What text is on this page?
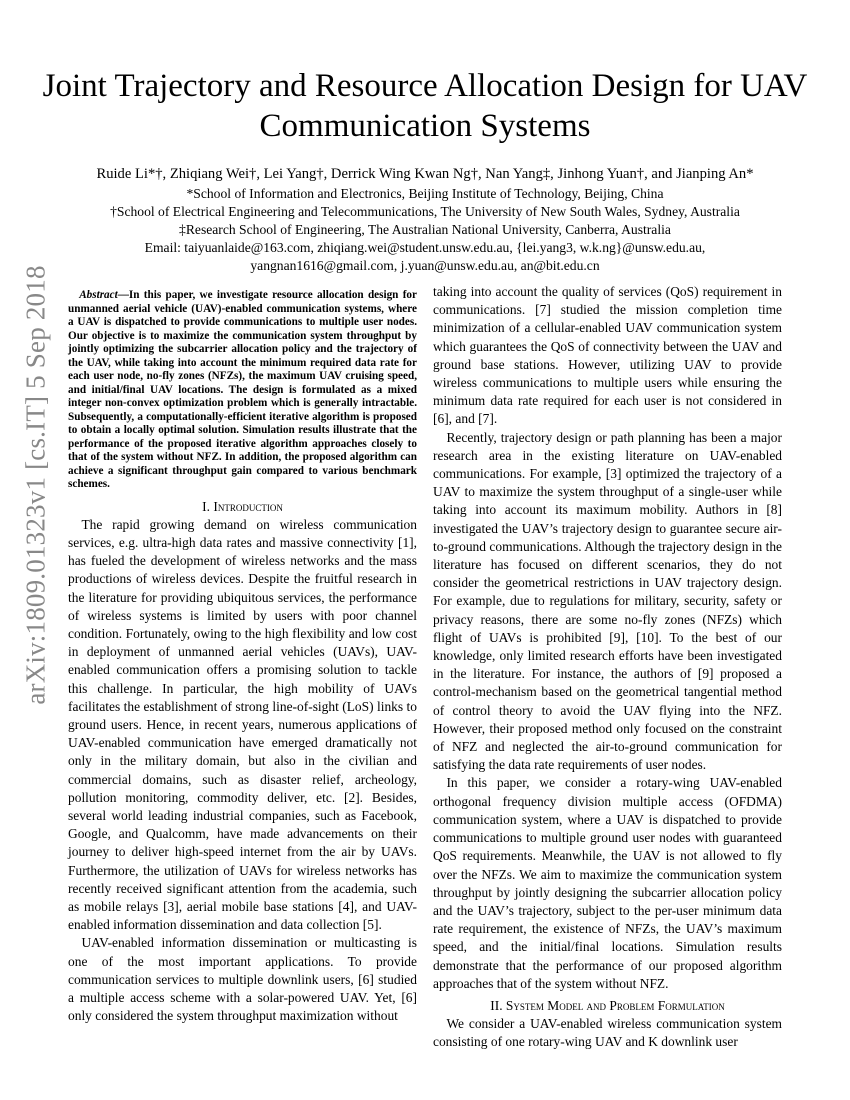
arXiv:1809.01323v1 [cs.IT] 5 Sep 2018
Joint Trajectory and Resource Allocation Design for UAV Communication Systems
Ruide Li*†, Zhiqiang Wei†, Lei Yang†, Derrick Wing Kwan Ng†, Nan Yang‡, Jinhong Yuan†, and Jianping An*
*School of Information and Electronics, Beijing Institute of Technology, Beijing, China
†School of Electrical Engineering and Telecommunications, The University of New South Wales, Sydney, Australia
‡Research School of Engineering, The Australian National University, Canberra, Australia
Email: taiyuanlaide@163.com, zhiqiang.wei@student.unsw.edu.au, {lei.yang3, w.k.ng}@unsw.edu.au,
yangnan1616@gmail.com, j.yuan@unsw.edu.au, an@bit.edu.cn
Abstract—In this paper, we investigate resource allocation design for unmanned aerial vehicle (UAV)-enabled communication systems, where a UAV is dispatched to provide communications to multiple user nodes. Our objective is to maximize the communication system throughput by jointly optimizing the subcarrier allocation policy and the trajectory of the UAV, while taking into account the minimum required data rate for each user node, no-fly zones (NFZs), the maximum UAV cruising speed, and initial/final UAV locations. The design is formulated as a mixed integer non-convex optimization problem which is generally intractable. Subsequently, a computationally-efficient iterative algorithm is proposed to obtain a locally optimal solution. Simulation results illustrate that the performance of the proposed iterative algorithm approaches closely to that of the system without NFZ. In addition, the proposed algorithm can achieve a significant throughput gain compared to various benchmark schemes.
I. Introduction

The rapid growing demand on wireless communication services, e.g. ultra-high data rates and massive connectivity [1], has fueled the development of wireless networks and the mass productions of wireless devices. Despite the fruitful research in the literature for providing ubiquitous services, the performance of wireless systems is limited by users with poor channel condition. Fortunately, owing to the high flexibility and low cost in deployment of unmanned aerial vehicles (UAVs), UAV-enabled communication offers a promising solution to tackle this challenge. In particular, the high mobility of UAVs facilitates the establishment of strong line-of-sight (LoS) links to ground users. Hence, in recent years, numerous applications of UAV-enabled communication have emerged dramatically not only in the military domain, but also in the civilian and commercial domains, such as disaster relief, archeology, pollution monitoring, commodity deliver, etc. [2]. Besides, several world leading industrial companies, such as Facebook, Google, and Qualcomm, have made advancements on their journey to deliver high-speed internet from the air by UAVs. Furthermore, the utilization of UAVs for wireless networks has recently received significant attention from the academia, such as mobile relays [3], aerial mobile base stations [4], and UAV-enabled information dissemination and data collection [5].

UAV-enabled information dissemination or multicasting is one of the most important applications. To provide communication services to multiple downlink users, [6] studied a multiple access scheme with a solar-powered UAV. Yet, [6] only considered the system throughput maximization without

taking into account the quality of services (QoS) requirement in communications. [7] studied the mission completion time minimization of a cellular-enabled UAV communication system which guarantees the QoS of connectivity between the UAV and ground base stations. However, utilizing UAV to provide wireless communications to multiple users while ensuring the minimum data rate required for each user is not considered in [6], and [7].

Recently, trajectory design or path planning has been a major research area in the existing literature on UAV-enabled communications. For example, [3] optimized the trajectory of a UAV to maximize the system throughput of a single-user while taking into account its maximum mobility. Authors in [8] investigated the UAV’s trajectory design to guarantee secure air-to-ground communications. Although the trajectory design in the literature has focused on different scenarios, they do not consider the geometrical restrictions in UAV trajectory design. For example, due to regulations for military, security, safety or privacy reasons, there are some no-fly zones (NFZs) which flight of UAVs is prohibited [9], [10]. To the best of our knowledge, only limited research efforts have been investigated in the literature. For instance, the authors of [9] proposed a control-mechanism based on the geometrical tangential method of control theory to avoid the UAV flying into the NFZ. However, their proposed method only focused on the constraint of NFZ and neglected the air-to-ground communication for satisfying the data rate requirements of user nodes.

In this paper, we consider a rotary-wing UAV-enabled orthogonal frequency division multiple access (OFDMA) communication system, where a UAV is dispatched to provide communications to multiple ground user nodes with guaranteed QoS requirements. Meanwhile, the UAV is not allowed to fly over the NFZs. We aim to maximize the communication system throughput by jointly designing the subcarrier allocation policy and the UAV’s trajectory, subject to the per-user minimum data rate requirement, the existence of NFZs, the UAV’s maximum speed, and the initial/final locations. Simulation results demonstrate that the performance of our proposed algorithm approaches that of the system without NFZ.

II. System Model and Problem Formulation

We consider a UAV-enabled wireless communication system consisting of one rotary-wing UAV and K downlink user
